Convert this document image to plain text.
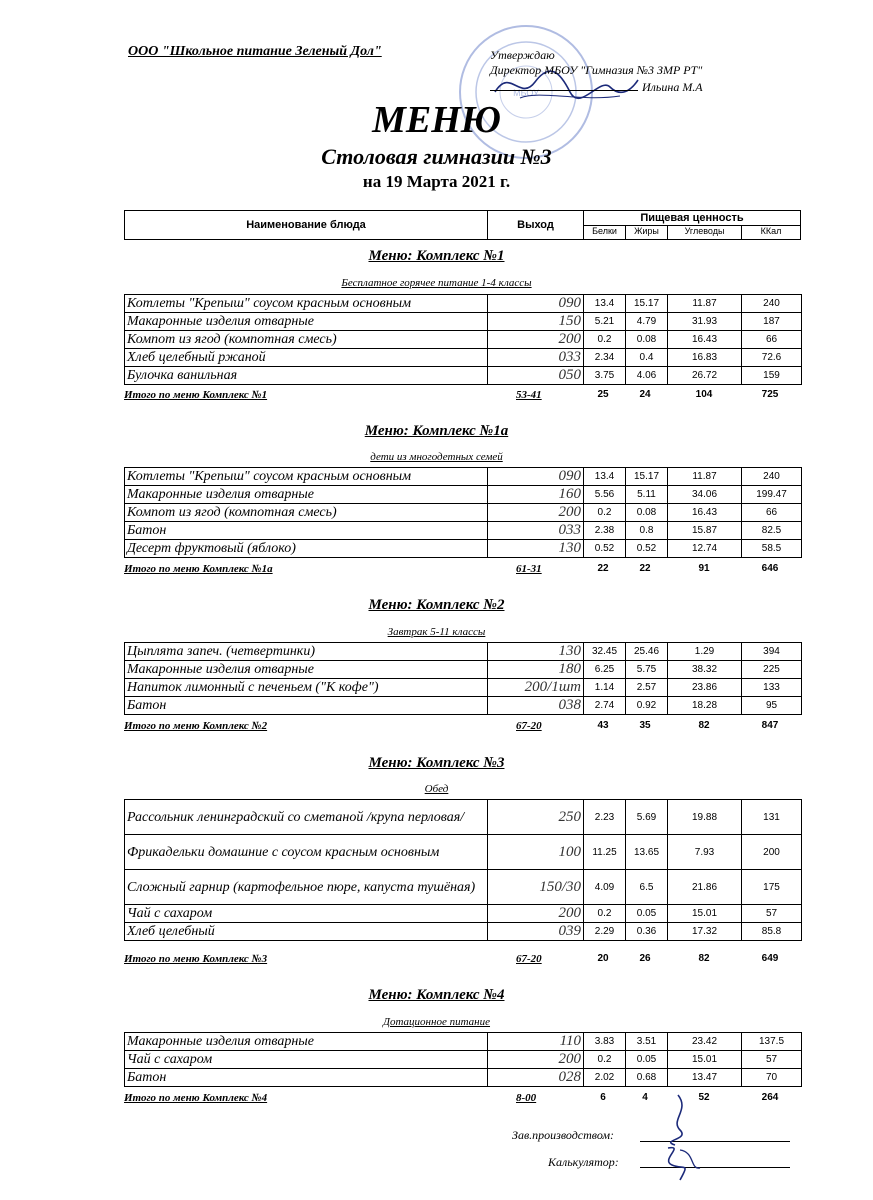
ООО "Школьное питание Зеленый Дол"
МБОУ
Утверждаю
Директор МБОУ "Гимназия №3 ЗМР РТ"
Ильина М.А
МЕНЮ
Столовая гимназии №3
на 19 Марта 2021 г.
Наименование блюда	Выход
Пищевая ценность
Белки	Жиры	Углеводы	ККал
Меню: Комплекс №1
Бесплатное горячее питание 1-4 классы
Котлеты "Крепыш" соусом красным основным	090	13.4	15.17	11.87	240
Макаронные изделия отварные	150	5.21	4.79	31.93	187
Компот из ягод (компотная смесь)	200	0.2	0.08	16.43	66
Хлеб целебный ржаной	033	2.34	0.4	16.83	72.6
Булочка ванильная	050	3.75	4.06	26.72	159
Итого по меню Комплекс №1	53-41	25	24	104	725
Меню: Комплекс №1а
дети из многодетных семей
Котлеты "Крепыш" соусом красным основным	090	13.4	15.17	11.87	240
Макаронные изделия отварные	160	5.56	5.11	34.06	199.47
Компот из ягод (компотная смесь)	200	0.2	0.08	16.43	66
Батон	033	2.38	0.8	15.87	82.5
Десерт фруктовый (яблоко)	130	0.52	0.52	12.74	58.5
Итого по меню Комплекс №1а	61-31	22	22	91	646
Меню: Комплекс №2
Завтрак 5-11 классы
Цыплята запеч. (четвертинки)	130	32.45	25.46	1.29	394
Макаронные изделия отварные	180	6.25	5.75	38.32	225
Напиток лимонный с печеньем ("К кофе")	200/1шт	1.14	2.57	23.86	133
Батон	038	2.74	0.92	18.28	95
Итого по меню Комплекс №2	67-20	43	35	82	847
Меню: Комплекс №3
Обед
Рассольник ленинградский со сметаной /крупа перловая/	250	2.23	5.69	19.88	131
Фрикадельки домашние с соусом красным основным	100	11.25	13.65	7.93	200
Сложный гарнир (картофельное пюре, капуста тушёная)	150/30	4.09	6.5	21.86	175
Чай с сахаром	200	0.2	0.05	15.01	57
Хлеб целебный	039	2.29	0.36	17.32	85.8
Итого по меню Комплекс №3	67-20	20	26	82	649
Меню: Комплекс №4
Дотационное питание
Макаронные изделия отварные	110	3.83	3.51	23.42	137.5
Чай с сахаром	200	0.2	0.05	15.01	57
Батон	028	2.02	0.68	13.47	70
Итого по меню Комплекс №4	8-00	6	4	52	264
Зав.производством:
Калькулятор:
